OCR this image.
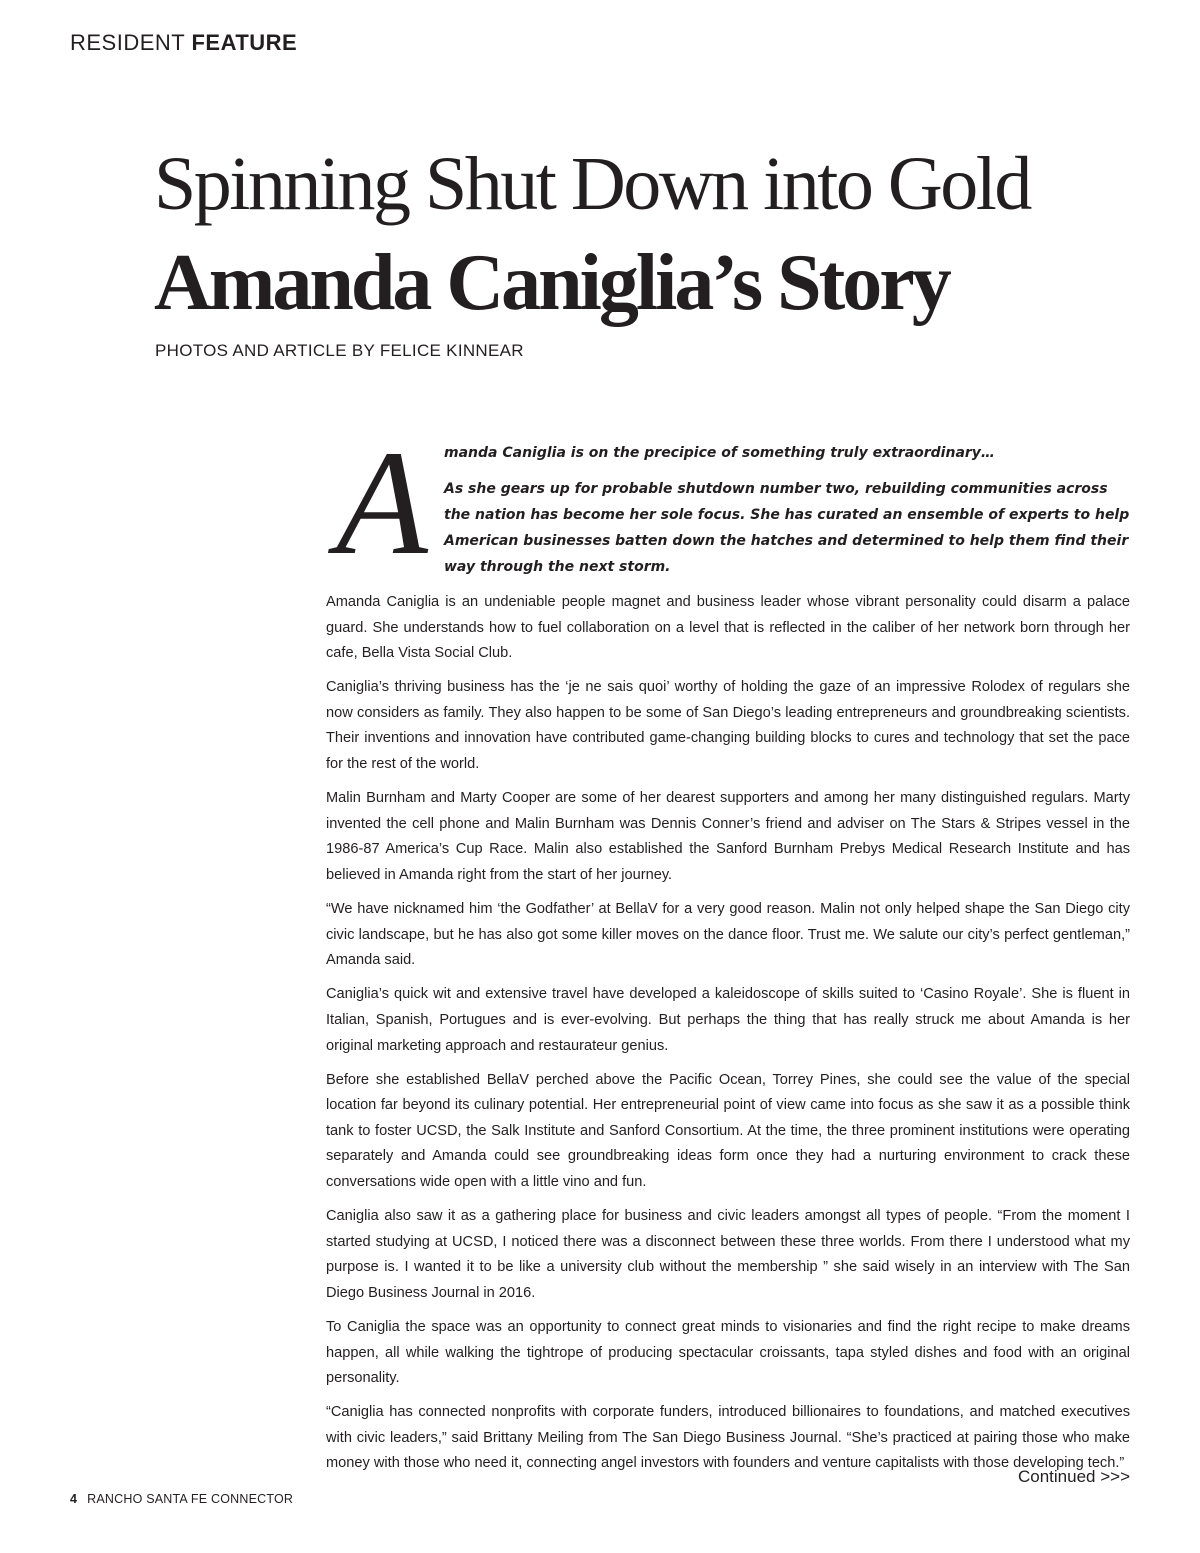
RESIDENT FEATURE
Spinning Shut Down into Gold
Amanda Caniglia’s Story
PHOTOS AND ARTICLE BY FELICE KINNEAR
A	manda Caniglia is on the precipice of something truly extraordinary…

As she gears up for probable shutdown number two, rebuilding communities across the nation has become her sole focus. She has curated an ensemble of experts to help American businesses batten down the hatches and determined to help them find their way through the next storm.

Amanda Caniglia is an undeniable people magnet and business leader whose vibrant personality could disarm a palace guard. She understands how to fuel collaboration on a level that is reflected in the caliber of her network born through her cafe, Bella Vista Social Club.

Caniglia’s thriving business has the ‘je ne sais quoi’ worthy of holding the gaze of an impressive Rolodex of regulars she now considers as family. They also happen to be some of San Diego’s leading entrepreneurs and groundbreaking scientists. Their inventions and innovation have contributed game-changing building blocks to cures and technology that set the pace for the rest of the world.

Malin Burnham and Marty Cooper are some of her dearest supporters and among her many distinguished regulars. Marty invented the cell phone and Malin Burnham was Dennis Conner’s friend and adviser on The Stars & Stripes vessel in the 1986-87 America’s Cup Race. Malin also established the Sanford Burnham Prebys Medical Research Institute and has believed in Amanda right from the start of her journey.

“We have nicknamed him ‘the Godfather’ at BellaV for a very good reason. Malin not only helped shape the San Diego city civic landscape, but he has also got some killer moves on the dance floor. Trust me. We salute our city’s perfect gentleman,” Amanda said.

Caniglia’s quick wit and extensive travel have developed a kaleidoscope of skills suited to ‘Casino Royale’. She is fluent in Italian, Spanish, Portugues and is ever-evolving. But perhaps the thing that has really struck me about Amanda is her original marketing approach and restaurateur genius.

Before she established BellaV perched above the Pacific Ocean, Torrey Pines, she could see the value of the special location far beyond its culinary potential. Her entrepreneurial point of view came into focus as she saw it as a possible think tank to foster UCSD, the Salk Institute and Sanford Consortium. At the time, the three prominent institutions were operating separately and Amanda could see groundbreaking ideas form once they had a nurturing environment to crack these conversations wide open with a little vino and fun.

Caniglia also saw it as a gathering place for business and civic leaders amongst all types of people. “From the moment I started studying at UCSD, I noticed there was a disconnect between these three worlds. From there I understood what my purpose is. I wanted it to be like a university club without the membership ” she said wisely in an interview with The San Diego Business Journal in 2016.

To Caniglia the space was an opportunity to connect great minds to visionaries and find the right recipe to make dreams happen, all while walking the tightrope of producing spectacular croissants, tapa styled dishes and food with an original personality.

“Caniglia has connected nonprofits with corporate funders, introduced billionaires to foundations, and matched executives with civic leaders,” said Brittany Meiling from The San Diego Business Journal. “She’s practiced at pairing those who make money with those who need it, connecting angel investors with founders and venture capitalists with those developing tech.”

Continued >>>
4 RANCHO SANTA FE CONNECTOR
